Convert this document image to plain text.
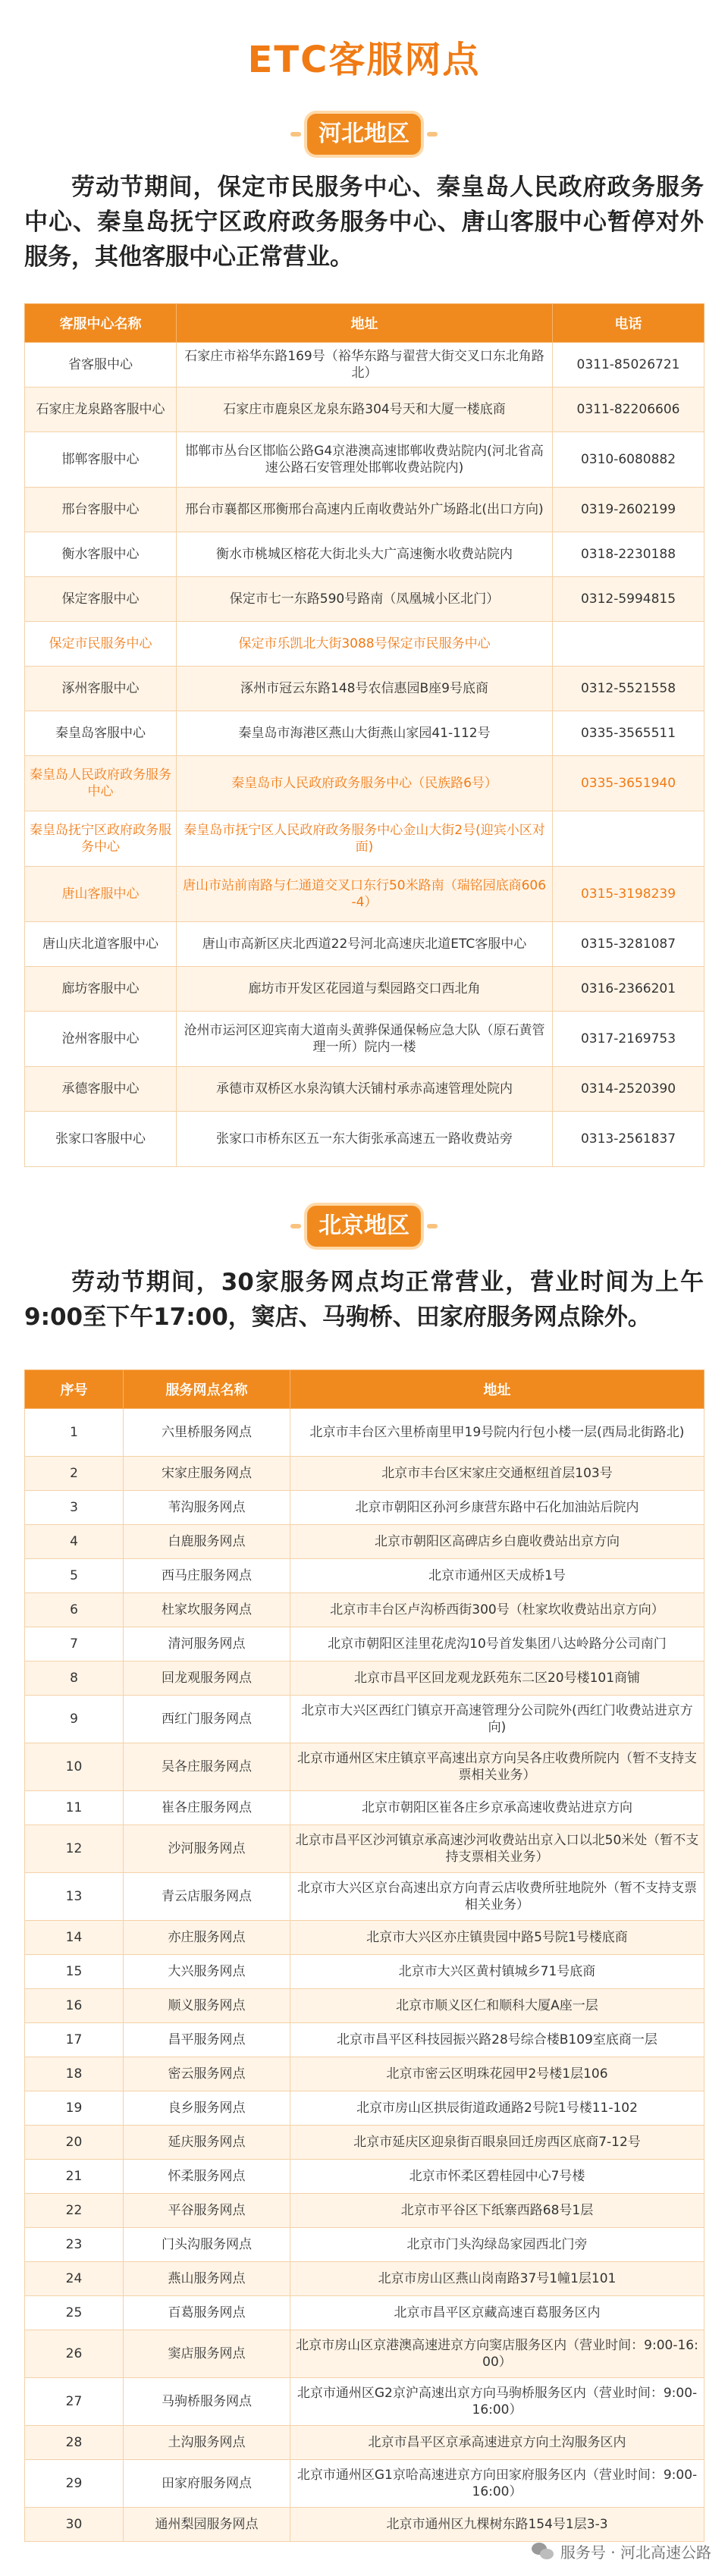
ETC客服网点
河北地区
劳动节期间，保定市民服务中心、秦皇岛人民政府政务服务中心、秦皇岛抚宁区政府政务服务中心、唐山客服中心暂停对外服务，其他客服中心正常营业。
客服中心名称	地址	电话
省客服中心	石家庄市裕华东路169号（裕华东路与翟营大街交叉口东北角路北）	0311-85026721
石家庄龙泉路客服中心	石家庄市鹿泉区龙泉东路304号天和大厦一楼底商	0311-82206606
邯郸客服中心	邯郸市丛台区邯临公路G4京港澳高速邯郸收费站院内(河北省高速公路石安管理处邯郸收费站院内)	0310-6080882
邢台客服中心	邢台市襄都区邢衡邢台高速内丘南收费站外广场路北(出口方向)	0319-2602199
衡水客服中心	衡水市桃城区榕花大街北头大广高速衡水收费站院内	0318-2230188
保定客服中心	保定市七一东路590号路南（凤凰城小区北门）	0312-5994815
保定市民服务中心	保定市乐凯北大街3088号保定市民服务中心	
涿州客服中心	涿州市冠云东路148号农信惠园B座9号底商	0312-5521558
秦皇岛客服中心	秦皇岛市海港区燕山大街燕山家园41-112号	0335-3565511
秦皇岛人民政府政务服务中心	秦皇岛市人民政府政务服务中心（民族路6号）	0335-3651940
秦皇岛抚宁区政府政务服务中心	秦皇岛市抚宁区人民政府政务服务中心金山大街2号(迎宾小区对面)	
唐山客服中心	唐山市站前南路与仁通道交叉口东行50米路南（瑞铭园底商606-4）	0315-3198239
唐山庆北道客服中心	唐山市高新区庆北西道22号河北高速庆北道ETC客服中心	0315-3281087
廊坊客服中心	廊坊市开发区花园道与梨园路交口西北角	0316-2366201
沧州客服中心	沧州市运河区迎宾南大道南头黄骅保通保畅应急大队（原石黄管理一所）院内一楼	0317-2169753
承德客服中心	承德市双桥区水泉沟镇大沃铺村承赤高速管理处院内	0314-2520390
张家口客服中心	张家口市桥东区五一东大街张承高速五一路收费站旁	0313-2561837
北京地区
劳动节期间，30家服务网点均正常营业，营业时间为上午9:00至下午17:00，窦店、马驹桥、田家府服务网点除外。
序号	服务网点名称	地址
1	六里桥服务网点	北京市丰台区六里桥南里甲19号院内行包小楼一层(西局北街路北)
2	宋家庄服务网点	北京市丰台区宋家庄交通枢纽首层103号
3	苇沟服务网点	北京市朝阳区孙河乡康营东路中石化加油站后院内
4	白鹿服务网点	北京市朝阳区高碑店乡白鹿收费站出京方向
5	西马庄服务网点	北京市通州区天成桥1号
6	杜家坎服务网点	北京市丰台区卢沟桥西街300号（杜家坎收费站出京方向）
7	清河服务网点	北京市朝阳区洼里花虎沟10号首发集团八达岭路分公司南门
8	回龙观服务网点	北京市昌平区回龙观龙跃苑东二区20号楼101商铺
9	西红门服务网点	北京市大兴区西红门镇京开高速管理分公司院外(西红门收费站进京方向)
10	吴各庄服务网点	北京市通州区宋庄镇京平高速出京方向吴各庄收费所院内（暂不支持支票相关业务）
11	崔各庄服务网点	北京市朝阳区崔各庄乡京承高速收费站进京方向
12	沙河服务网点	北京市昌平区沙河镇京承高速沙河收费站出京入口以北50米处（暂不支持支票相关业务）
13	青云店服务网点	北京市大兴区京台高速出京方向青云店收费所驻地院外（暂不支持支票相关业务）
14	亦庄服务网点	北京市大兴区亦庄镇贵园中路5号院1号楼底商
15	大兴服务网点	北京市大兴区黄村镇城乡71号底商
16	顺义服务网点	北京市顺义区仁和顺科大厦A座一层
17	昌平服务网点	北京市昌平区科技园振兴路28号综合楼B109室底商一层
18	密云服务网点	北京市密云区明珠花园甲2号楼1层106
19	良乡服务网点	北京市房山区拱辰街道政通路2号院1号楼11-102
20	延庆服务网点	北京市延庆区迎泉街百眼泉回迁房西区底商7-12号
21	怀柔服务网点	北京市怀柔区碧桂园中心7号楼
22	平谷服务网点	北京市平谷区下纸寨西路68号1层
23	门头沟服务网点	北京市门头沟绿岛家园西北门旁
24	燕山服务网点	北京市房山区燕山岗南路37号1幢1层101
25	百葛服务网点	北京市昌平区京藏高速百葛服务区内
26	窦店服务网点	北京市房山区京港澳高速进京方向窦店服务区内（营业时间：9:00-16:00）
27	马驹桥服务网点	北京市通州区G2京沪高速出京方向马驹桥服务区内（营业时间：9:00-16:00）
28	土沟服务网点	北京市昌平区京承高速进京方向土沟服务区内
29	田家府服务网点	北京市通州区G1京哈高速进京方向田家府服务区内（营业时间：9:00-16:00）
30	通州梨园服务网点	北京市通州区九棵树东路154号1层3-3
服务号 · 河北高速公路
